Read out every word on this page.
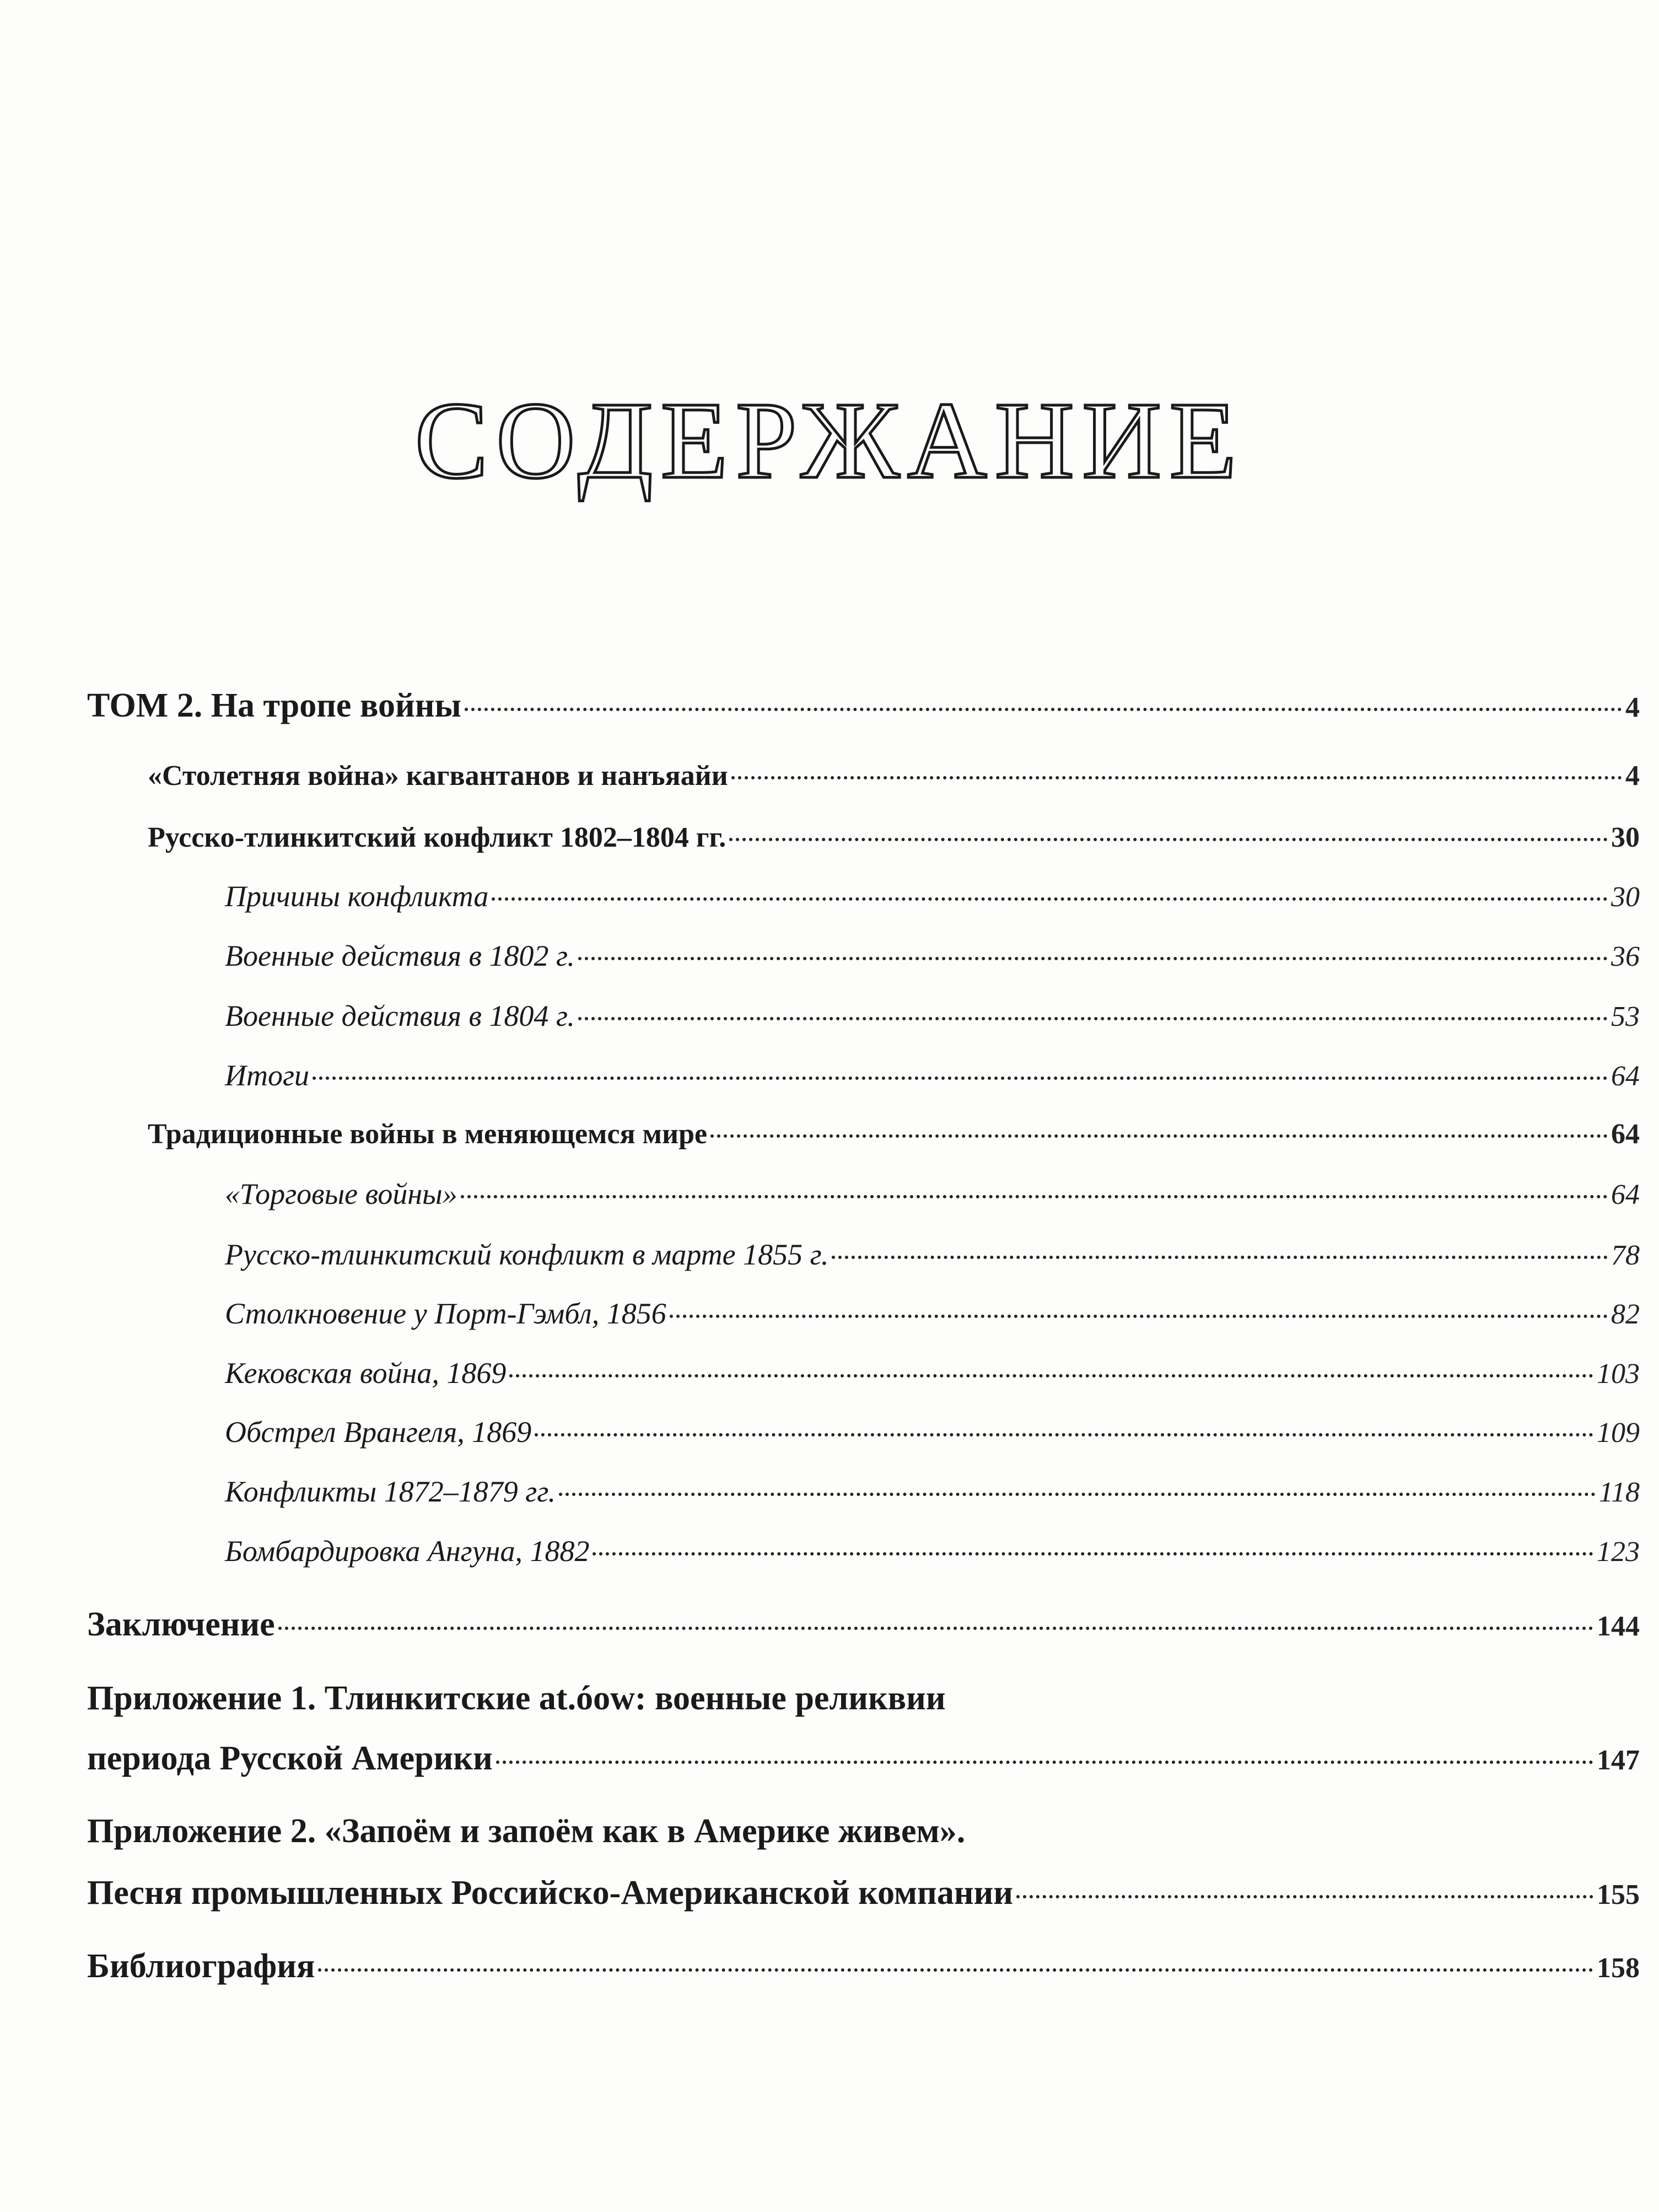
СОДЕРЖАНИЕ
ТОМ 2. На тропе войны	4
«Столетняя война» кагвантанов и нанъяайи	4
Русско-тлинкитский конфликт 1802–1804 гг.	30
Причины конфликта	30
Военные действия в 1802 г.	36
Военные действия в 1804 г.	53
Итоги	64
Традиционные войны в меняющемся мире	64
«Торговые войны»	64
Русско-тлинкитский конфликт в марте 1855 г.	78
Столкновение у Порт-Гэмбл, 1856	82
Кековская война, 1869	103
Обстрел Врангеля, 1869	109
Конфликты 1872–1879 гг.	118
Бомбардировка Ангуна, 1882	123
Заключение	144
Приложение 1. Тлинкитские at.óow: военные реликвии
периода Русской Америки	147
Приложение 2. «Запоём и запоём как в Америке живем».
Песня промышленных Российско-Американской компании	155
Библиография	158
